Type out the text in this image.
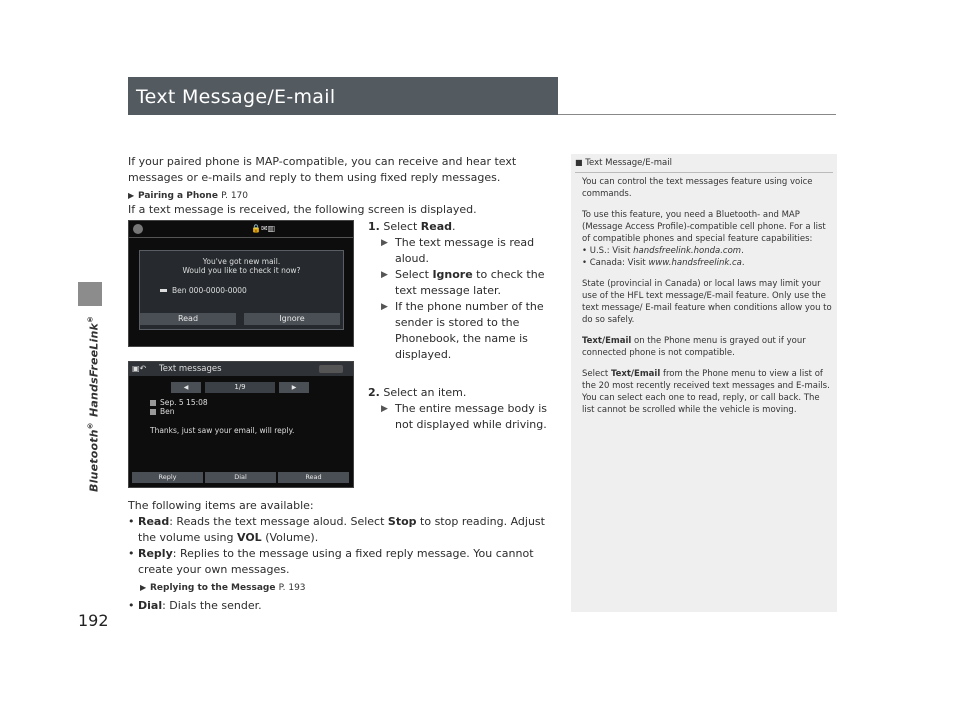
Bluetooth® HandsFreeLink®
192
Text Message/E-mail
If your paired phone is MAP-compatible, you can receive and hear text messages or e-mails and reply to them using fixed reply messages.
▶ Pairing a Phone P. 170
If a text message is received, the following screen is displayed.
🔒✉▥
You've got new mail.
Would you like to check it now?
Ben 000-0000-0000
Read	Ignore
▣↶ Text messages
◀	1/9	▶
Sep. 5 15:08
Ben
Thanks, just saw your email, will reply.
Reply	Dial	Read
1. Select Read.
▶ The text message is read aloud.
▶ Select Ignore to check the text message later.
▶ If the phone number of the sender is stored to the Phonebook, the name is displayed.
2. Select an item.
▶ The entire message body is not displayed while driving.
The following items are available:
• Read: Reads the text message aloud. Select Stop to stop reading. Adjust the volume using VOL (Volume).
• Reply: Replies to the message using a fixed reply message. You cannot create your own messages.
▶ Replying to the Message P. 193
• Dial: Dials the sender.
■ Text Message/E-mail

You can control the text messages feature using voice commands.

To use this feature, you need a Bluetooth- and MAP (Message Access Profile)-compatible cell phone. For a list of compatible phones and special feature capabilities:

• U.S.: Visit handsfreelink.honda.com.
• Canada: Visit www.handsfreelink.ca.

State (provincial in Canada) or local laws may limit your use of the HFL text message/E-mail feature. Only use the text message/ E-mail feature when conditions allow you to do so safely.

Text/Email on the Phone menu is grayed out if your connected phone is not compatible.

Select Text/Email from the Phone menu to view a list of the 20 most recently received text messages and E-mails. You can select each one to read, reply, or call back. The list cannot be scrolled while the vehicle is moving.
